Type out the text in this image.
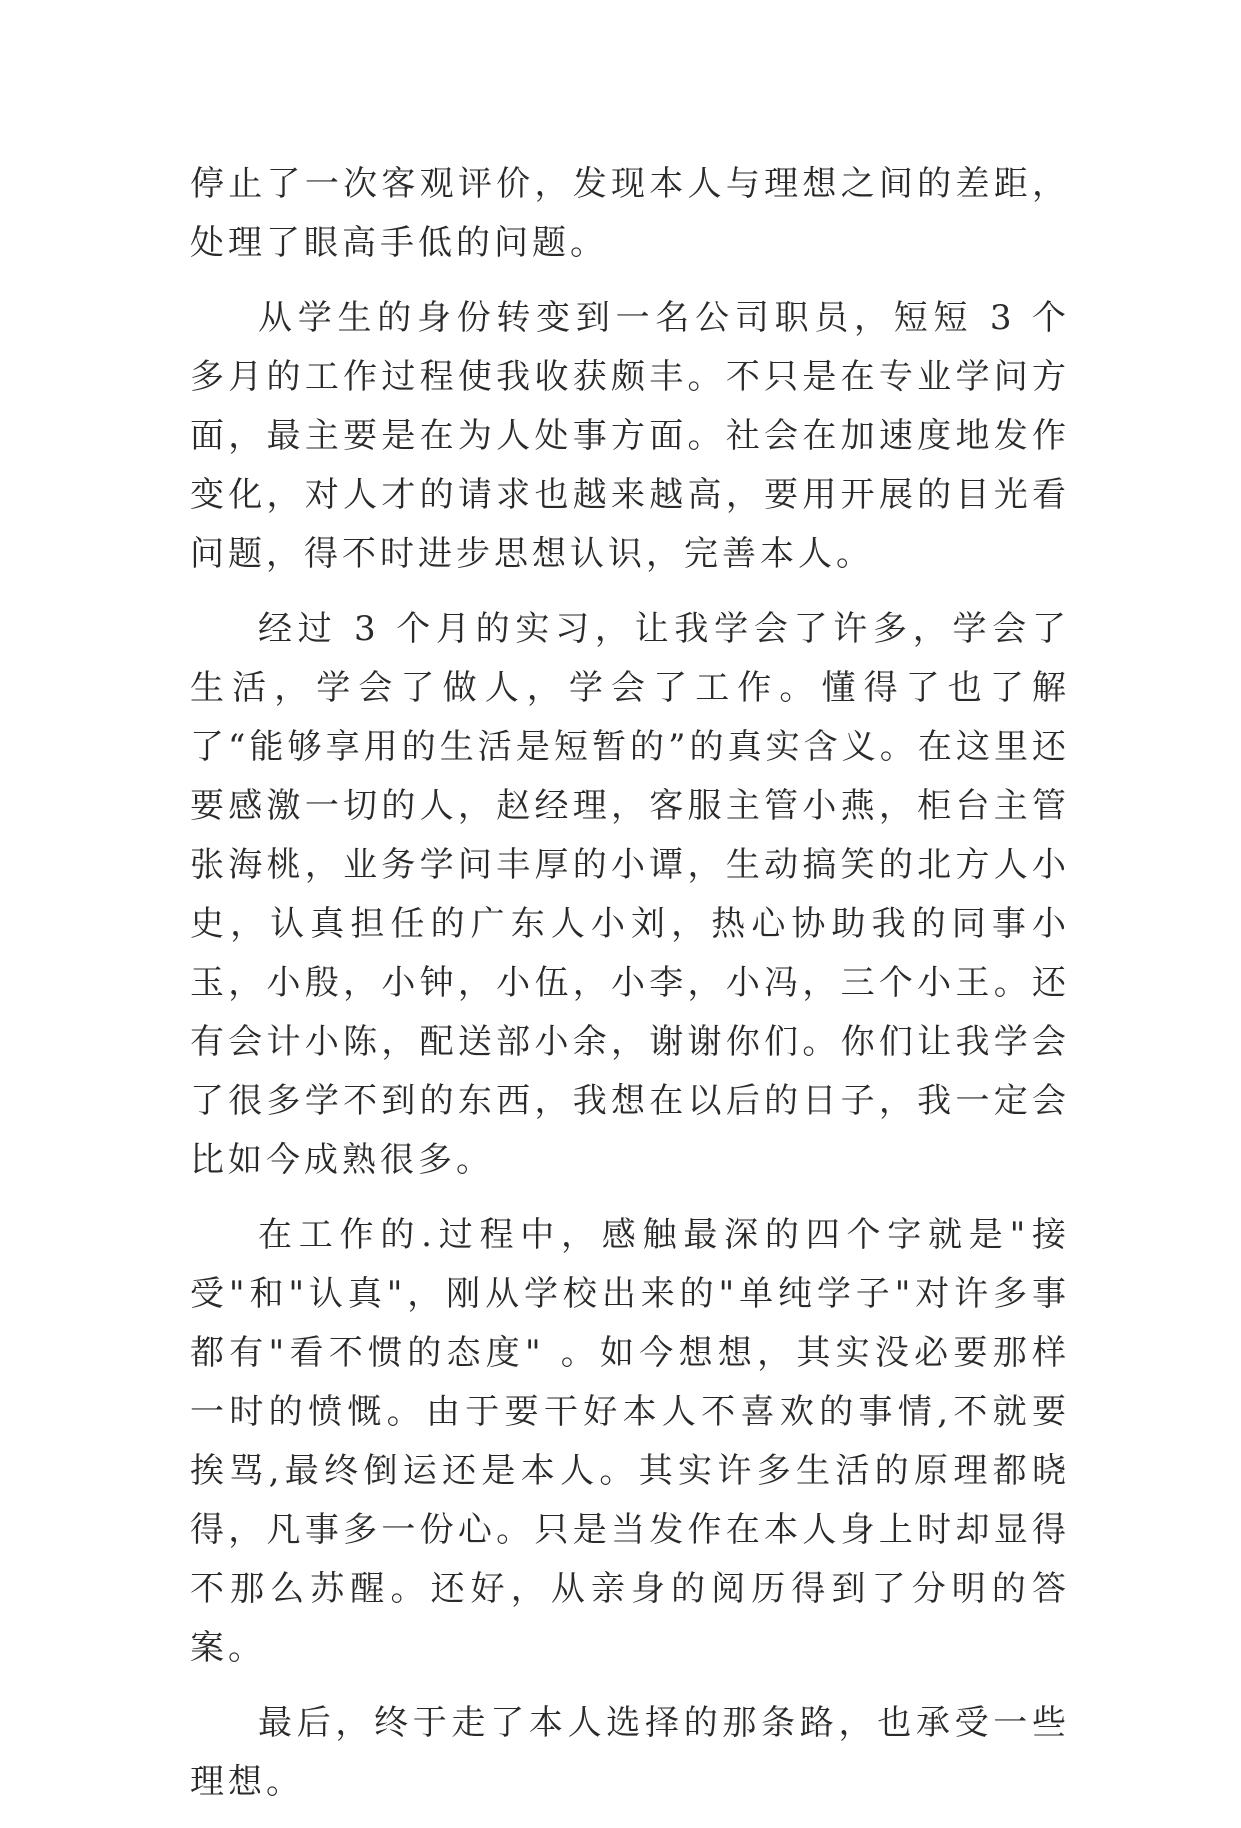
停止了一次客观评价，发现本人与理想之间的差距，处理了眼高手低的问题。

从学生的身份转变到一名公司职员，短短 3 个多月的工作过程使我收获颇丰。不只是在专业学问方面，最主要是在为人处事方面。社会在加速度地发作变化，对人才的请求也越来越高，要用开展的目光看问题，得不时进步思想认识，完善本人。

经过 3 个月的实习，让我学会了许多，学会了生活，学会了做人，学会了工作。懂得了也了解了“能够享用的生活是短暂的”的真实含义。在这里还要感激一切的人，赵经理，客服主管小燕，柜台主管张海桃，业务学问丰厚的小谭，生动搞笑的北方人小史，认真担任的广东人小刘，热心协助我的同事小玉，小殷，小钟，小伍，小李，小冯，三个小王。还有会计小陈，配送部小余，谢谢你们。你们让我学会了很多学不到的东西，我想在以后的日子，我一定会比如今成熟很多。

在工作的.过程中，感触最深的四个字就是"接受"和"认真"，刚从学校出来的"单纯学子"对许多事都有"看不惯的态度" 。如今想想，其实没必要那样一时的愤慨。由于要干好本人不喜欢的事情,不就要挨骂,最终倒运还是本人。其实许多生活的原理都晓得，凡事多一份心。只是当发作在本人身上时却显得不那么苏醒。还好，从亲身的阅历得到了分明的答案。

最后，终于走了本人选择的那条路，也承受一些理想。
